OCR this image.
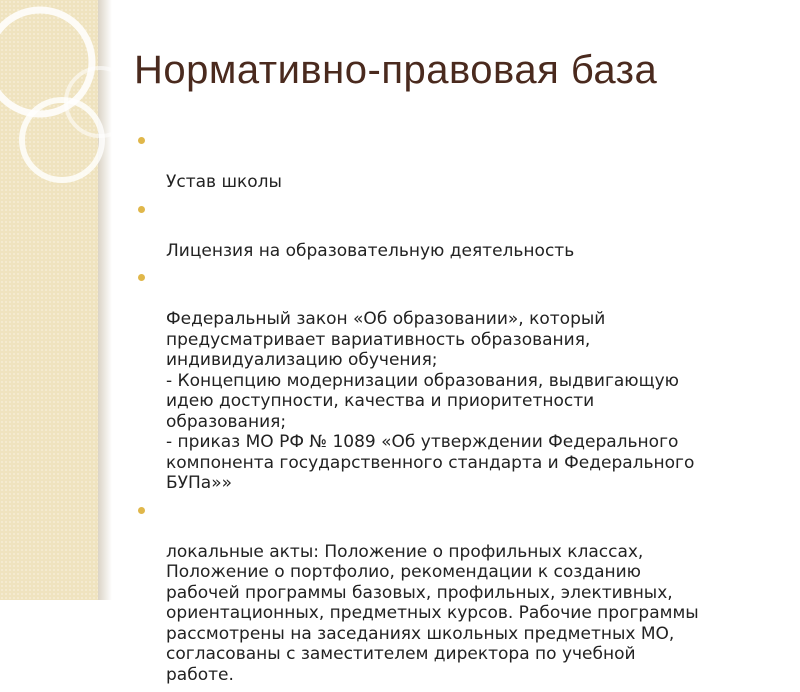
Нормативно-правовая база

Устав школы

Лицензия на образовательную деятельность

Федеральный закон «Об образовании», который
предусматривает вариативность образования,
индивидуализацию обучения;
- Концепцию модернизации образования, выдвигающую
идею доступности, качества и приоритетности
образования;
- приказ МО РФ № 1089 «Об утверждении Федерального
компонента государственного стандарта и Федерального
БУПа»»

локальные акты: Положение о профильных классах,
Положение о портфолио, рекомендации к созданию
рабочей программы базовых, профильных, элективных,
ориентационных, предметных курсов. Рабочие программы
рассмотрены на заседаниях школьных предметных МО,
согласованы с заместителем директора по учебной
работе.
